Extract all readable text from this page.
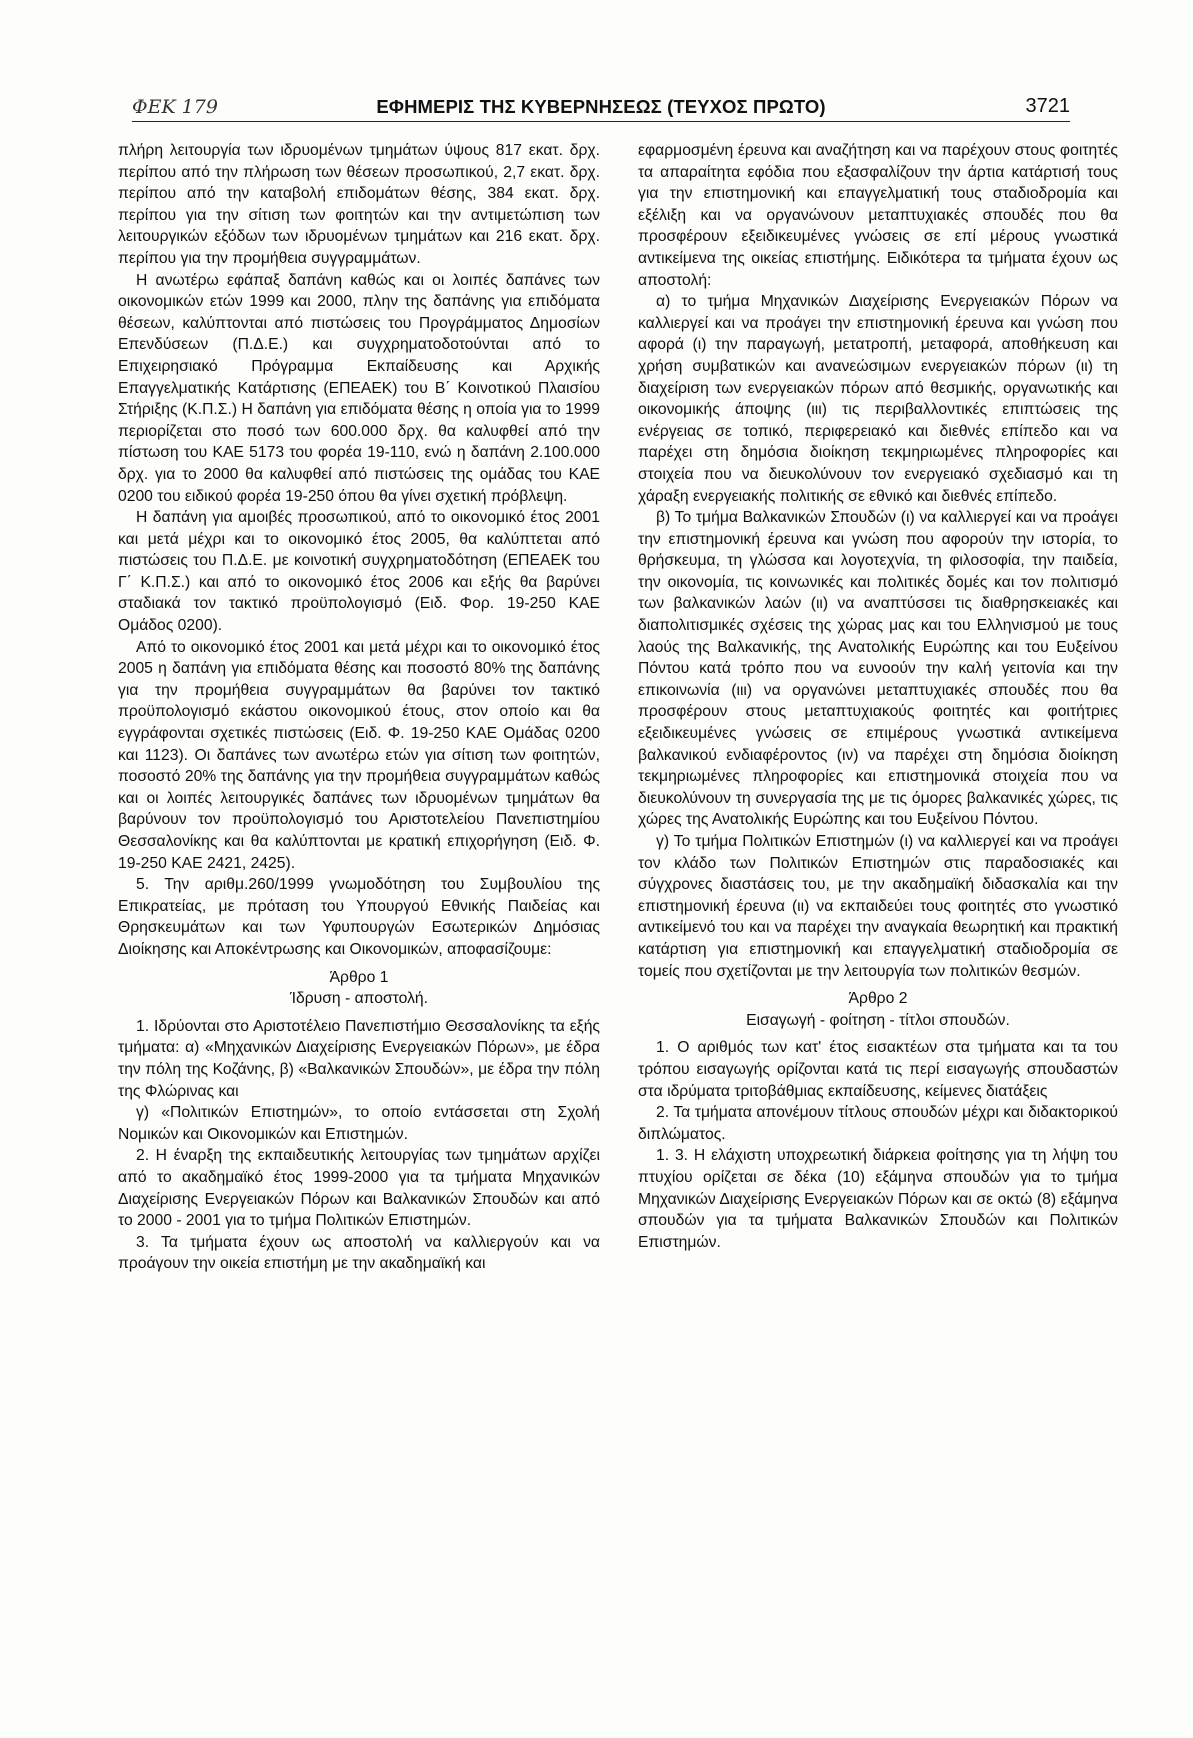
ΦΕΚ 179	ΕΦΗΜΕΡΙΣ ΤΗΣ ΚΥΒΕΡΝΗΣΕΩΣ (ΤΕΥΧΟΣ ΠΡΩΤΟ)	3721

πλήρη λειτουργία των ιδρυομένων τμημάτων ύψους 817 εκατ. δρχ. περίπου από την πλήρωση των θέσεων προσωπικού, 2,7 εκατ. δρχ. περίπου από την καταβολή επιδομάτων θέσης, 384 εκατ. δρχ. περίπου για την σίτιση των φοιτητών και την αντιμετώπιση των λειτουργικών εξόδων των ιδρυομένων τμημάτων και 216 εκατ. δρχ. περίπου για την προμήθεια συγγραμμάτων.

Η ανωτέρω εφάπαξ δαπάνη καθώς και οι λοιπές δαπάνες των οικονομικών ετών 1999 και 2000, πλην της δαπάνης για επιδόματα θέσεων, καλύπτονται από πιστώσεις του Προγράμματος Δημοσίων Επενδύσεων (Π.Δ.Ε.) και συγχρηματοδοτούνται από το Επιχειρησιακό Πρόγραμμα Εκπαίδευσης και Αρχικής Επαγγελματικής Κατάρτισης (ΕΠΕΑΕΚ) του Β΄ Κοινοτικού Πλαισίου Στήριξης (Κ.Π.Σ.) Η δαπάνη για επιδόματα θέσης η οποία για το 1999 περιορίζεται στο ποσό των 600.000 δρχ. θα καλυφθεί από την πίστωση του ΚΑΕ 5173 του φορέα 19-110, ενώ η δαπάνη 2.100.000 δρχ. για το 2000 θα καλυφθεί από πιστώσεις της ομάδας του ΚΑΕ 0200 του ειδικού φορέα 19-250 όπου θα γίνει σχετική πρόβλεψη.

Η δαπάνη για αμοιβές προσωπικού, από το οικονομικό έτος 2001 και μετά μέχρι και το οικονομικό έτος 2005, θα καλύπτεται από πιστώσεις του Π.Δ.Ε. με κοινοτική συγχρηματοδότηση (ΕΠΕΑΕΚ του Γ΄ Κ.Π.Σ.) και από το οικονομικό έτος 2006 και εξής θα βαρύνει σταδιακά τον τακτικό προϋπολογισμό (Ειδ. Φορ. 19-250 ΚΑΕ Ομάδος 0200).

Από το οικονομικό έτος 2001 και μετά μέχρι και το οικονομικό έτος 2005 η δαπάνη για επιδόματα θέσης και ποσοστό 80% της δαπάνης για την προμήθεια συγγραμμάτων θα βαρύνει τον τακτικό προϋπολογισμό εκάστου οικονομικού έτους, στον οποίο και θα εγγράφονται σχετικές πιστώσεις (Ειδ. Φ. 19-250 ΚΑΕ Ομάδας 0200 και 1123). Οι δαπάνες των ανωτέρω ετών για σίτιση των φοιτητών, ποσοστό 20% της δαπάνης για την προμήθεια συγγραμμάτων καθώς και οι λοιπές λειτουργικές δαπάνες των ιδρυομένων τμημάτων θα βαρύνουν τον προϋπολογισμό του Αριστοτελείου Πανεπιστημίου Θεσσαλονίκης και θα καλύπτονται με κρατική επιχορήγηση (Ειδ. Φ. 19-250 ΚΑΕ 2421, 2425).

5. Την αριθμ.260/1999 γνωμοδότηση του Συμβουλίου της Επικρατείας, με πρόταση του Υπουργού Εθνικής Παιδείας και Θρησκευμάτων και των Υφυπουργών Εσωτερικών Δημόσιας Διοίκησης και Αποκέντρωσης και Οικονομικών, αποφασίζουμε:

Άρθρο 1

Ίδρυση - αποστολή.

1. Ιδρύονται στο Αριστοτέλειο Πανεπιστήμιο Θεσσαλονίκης τα εξής τμήματα: α) «Μηχανικών Διαχείρισης Ενεργειακών Πόρων», με έδρα την πόλη της Κοζάνης, β) «Βαλκανικών Σπουδών», με έδρα την πόλη της Φλώρινας και

γ) «Πολιτικών Επιστημών», το οποίο εντάσσεται στη Σχολή Νομικών και Οικονομικών και Επιστημών.

2. Η έναρξη της εκπαιδευτικής λειτουργίας των τμημάτων αρχίζει από το ακαδημαϊκό έτος 1999-2000 για τα τμήματα Μηχανικών Διαχείρισης Ενεργειακών Πόρων και Βαλκανικών Σπουδών και από το 2000 - 2001 για το τμήμα Πολιτικών Επιστημών.

3. Τα τμήματα έχουν ως αποστολή να καλλιεργούν και να προάγουν την οικεία επιστήμη με την ακαδημαϊκή και

εφαρμοσμένη έρευνα και αναζήτηση και να παρέχουν στους φοιτητές τα απαραίτητα εφόδια που εξασφαλίζουν την άρτια κατάρτισή τους για την επιστημονική και επαγγελματική τους σταδιοδρομία και εξέλιξη και να οργανώνουν μεταπτυχιακές σπουδές που θα προσφέρουν εξειδικευμένες γνώσεις σε επί μέρους γνωστικά αντικείμενα της οικείας επιστήμης. Ειδικότερα τα τμήματα έχουν ως αποστολή:

α) το τμήμα Μηχανικών Διαχείρισης Ενεργειακών Πόρων να καλλιεργεί και να προάγει την επιστημονική έρευνα και γνώση που αφορά (ι) την παραγωγή, μετατροπή, μεταφορά, αποθήκευση και χρήση συμβατικών και ανανεώσιμων ενεργειακών πόρων (ιι) τη διαχείριση των ενεργειακών πόρων από θεσμικής, οργανωτικής και οικονομικής άποψης (ιιι) τις περιβαλλοντικές επιπτώσεις της ενέργειας σε τοπικό, περιφερειακό και διεθνές επίπεδο και να παρέχει στη δημόσια διοίκηση τεκμηριωμένες πληροφορίες και στοιχεία που να διευκολύνουν τον ενεργειακό σχεδιασμό και τη χάραξη ενεργειακής πολιτικής σε εθνικό και διεθνές επίπεδο.

β) Το τμήμα Βαλκανικών Σπουδών (ι) να καλλιεργεί και να προάγει την επιστημονική έρευνα και γνώση που αφορούν την ιστορία, το θρήσκευμα, τη γλώσσα και λογοτεχνία, τη φιλοσοφία, την παιδεία, την οικονομία, τις κοινωνικές και πολιτικές δομές και τον πολιτισμό των βαλκανικών λαών (ιι) να αναπτύσσει τις διαθρησκειακές και διαπολιτισμικές σχέσεις της χώρας μας και του Ελληνισμού με τους λαούς της Βαλκανικής, της Ανατολικής Ευρώπης και του Ευξείνου Πόντου κατά τρόπο που να ευνοούν την καλή γειτονία και την επικοινωνία (ιιι) να οργανώνει μεταπτυχιακές σπουδές που θα προσφέρουν στους μεταπτυχιακούς φοιτητές και φοιτήτριες εξειδικευμένες γνώσεις σε επιμέρους γνωστικά αντικείμενα βαλκανικού ενδιαφέροντος (ιν) να παρέχει στη δημόσια διοίκηση τεκμηριωμένες πληροφορίες και επιστημονικά στοιχεία που να διευκολύνουν τη συνεργασία της με τις όμορες βαλκανικές χώρες, τις χώρες της Ανατολικής Ευρώπης και του Ευξείνου Πόντου.

γ) Το τμήμα Πολιτικών Επιστημών (ι) να καλλιεργεί και να προάγει τον κλάδο των Πολιτικών Επιστημών στις παραδοσιακές και σύγχρονες διαστάσεις του, με την ακαδημαϊκή διδασκαλία και την επιστημονική έρευνα (ιι) να εκπαιδεύει τους φοιτητές στο γνωστικό αντικείμενό του και να παρέχει την αναγκαία θεωρητική και πρακτική κατάρτιση για επιστημονική και επαγγελματική σταδιοδρομία σε τομείς που σχετίζονται με την λειτουργία των πολιτικών θεσμών.

Άρθρο 2

Εισαγωγή - φοίτηση - τίτλοι σπουδών.

1. Ο αριθμός των κατ' έτος εισακτέων στα τμήματα και τα του τρόπου εισαγωγής ορίζονται κατά τις περί εισαγωγής σπουδαστών στα ιδρύματα τριτοβάθμιας εκπαίδευσης, κείμενες διατάξεις

2. Τα τμήματα απονέμουν τίτλους σπουδών μέχρι και διδακτορικού διπλώματος.

1. 3. Η ελάχιστη υποχρεωτική διάρκεια φοίτησης για τη λήψη του πτυχίου ορίζεται σε δέκα (10) εξάμηνα σπουδών για το τμήμα Μηχανικών Διαχείρισης Ενεργειακών Πόρων και σε οκτώ (8) εξάμηνα σπουδών για τα τμήματα Βαλκανικών Σπουδών και Πολιτικών Επιστημών.
